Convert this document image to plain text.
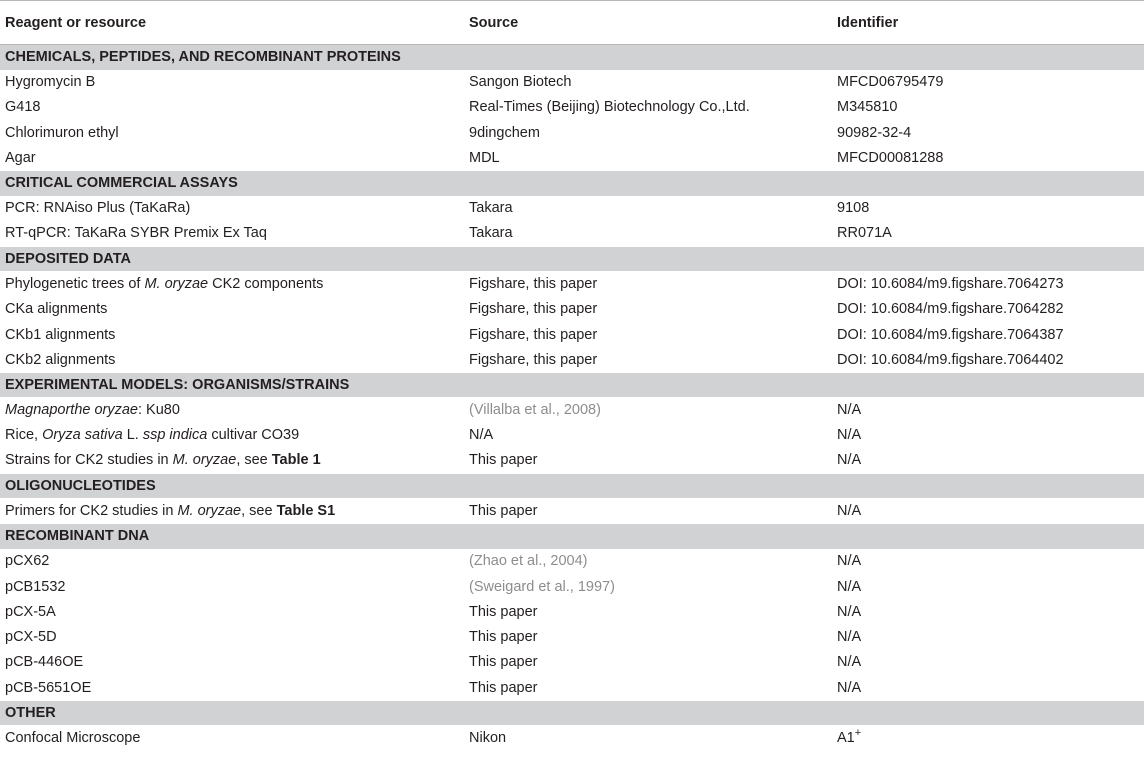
Reagent or resource	Source	Identifier
CHEMICALS, PEPTIDES, AND RECOMBINANT PROTEINS		
Hygromycin B	Sangon Biotech	MFCD06795479
G418	Real-Times (Beijing) Biotechnology Co.,Ltd.	M345810
Chlorimuron ethyl	9dingchem	90982-32-4
Agar	MDL	MFCD00081288
CRITICAL COMMERCIAL ASSAYS		
PCR: RNAiso Plus (TaKaRa)	Takara	9108
RT-qPCR: TaKaRa SYBR Premix Ex Taq	Takara	RR071A
DEPOSITED DATA		
Phylogenetic trees of M. oryzae CK2 components	Figshare, this paper	DOI: 10.6084/m9.figshare.7064273
CKa alignments	Figshare, this paper	DOI: 10.6084/m9.figshare.7064282
CKb1 alignments	Figshare, this paper	DOI: 10.6084/m9.figshare.7064387
CKb2 alignments	Figshare, this paper	DOI: 10.6084/m9.figshare.7064402
EXPERIMENTAL MODELS: ORGANISMS/STRAINS		
Magnaporthe oryzae: Ku80	(Villalba et al., 2008)	N/A
Rice, Oryza sativa L. ssp indica cultivar CO39	N/A	N/A
Strains for CK2 studies in M. oryzae, see Table 1	This paper	N/A
OLIGONUCLEOTIDES		
Primers for CK2 studies in M. oryzae, see Table S1	This paper	N/A
RECOMBINANT DNA		
pCX62	(Zhao et al., 2004)	N/A
pCB1532	(Sweigard et al., 1997)	N/A
pCX-5A	This paper	N/A
pCX-5D	This paper	N/A
pCB-446OE	This paper	N/A
pCB-5651OE	This paper	N/A
OTHER		
Confocal Microscope	Nikon	A1+
